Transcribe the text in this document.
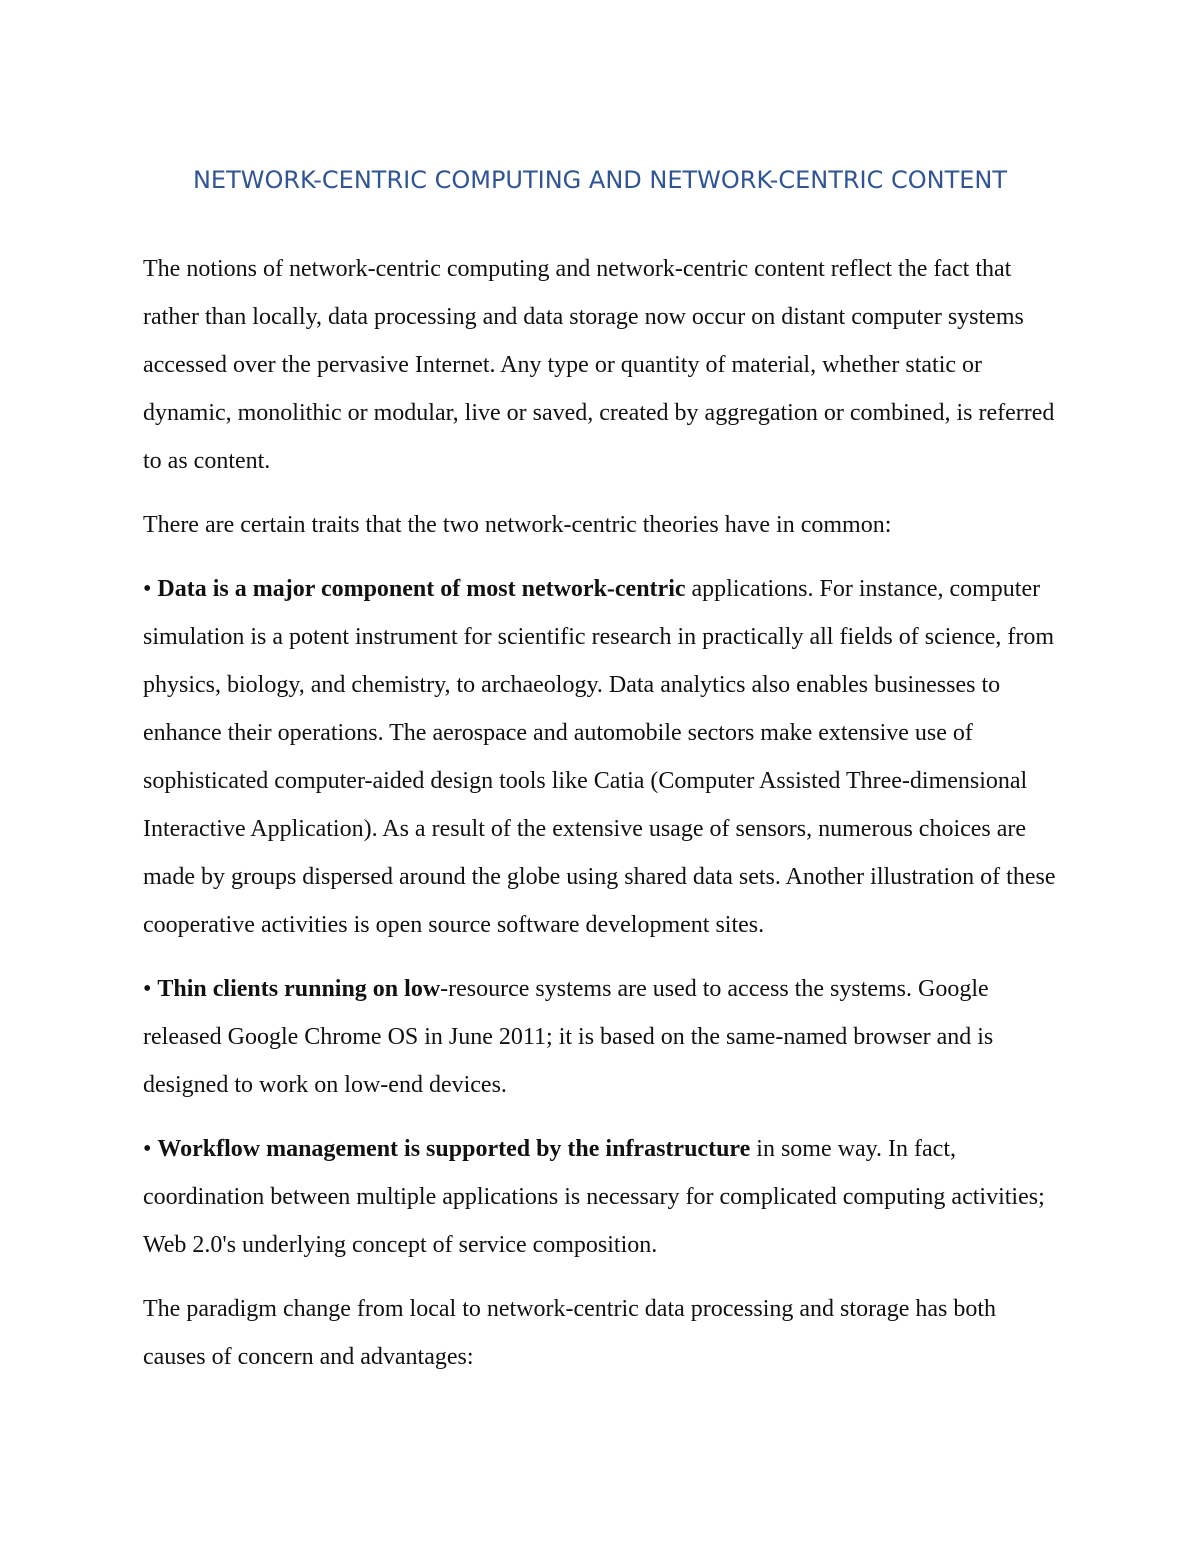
NETWORK-CENTRIC COMPUTING AND NETWORK-CENTRIC CONTENT

The notions of network-centric computing and network-centric content reflect the fact that rather than locally, data processing and data storage now occur on distant computer systems accessed over the pervasive Internet. Any type or quantity of material, whether static or dynamic, monolithic or modular, live or saved, created by aggregation or combined, is referred to as content.

There are certain traits that the two network-centric theories have in common:

• Data is a major component of most network-centric applications. For instance, computer simulation is a potent instrument for scientific research in practically all fields of science, from physics, biology, and chemistry, to archaeology. Data analytics also enables businesses to enhance their operations. The aerospace and automobile sectors make extensive use of sophisticated computer-aided design tools like Catia (Computer Assisted Three-dimensional Interactive Application). As a result of the extensive usage of sensors, numerous choices are made by groups dispersed around the globe using shared data sets. Another illustration of these cooperative activities is open source software development sites.

• Thin clients running on low-resource systems are used to access the systems. Google released Google Chrome OS in June 2011; it is based on the same-named browser and is designed to work on low-end devices.

• Workflow management is supported by the infrastructure in some way. In fact, coordination between multiple applications is necessary for complicated computing activities; Web 2.0's underlying concept of service composition.

The paradigm change from local to network-centric data processing and storage has both causes of concern and advantages:
